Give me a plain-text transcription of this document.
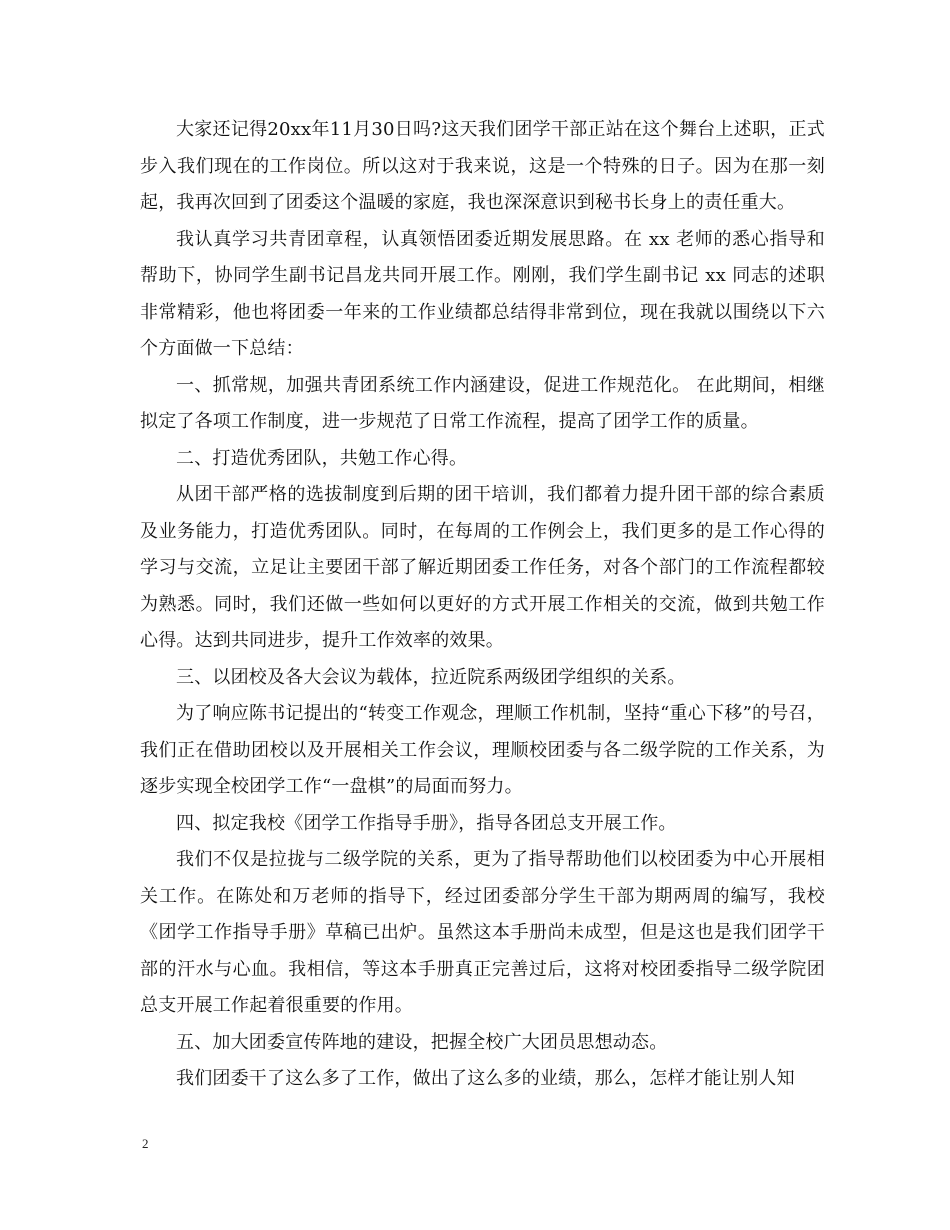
大家还记得20xx年11月30日吗?这天我们团学干部正站在这个舞台上述职，正式步入我们现在的工作岗位。所以这对于我来说，这是一个特殊的日子。因为在那一刻起，我再次回到了团委这个温暖的家庭，我也深深意识到秘书长身上的责任重大。

我认真学习共青团章程，认真领悟团委近期发展思路。在 xx 老师的悉心指导和帮助下，协同学生副书记昌龙共同开展工作。刚刚，我们学生副书记 xx 同志的述职非常精彩，他也将团委一年来的工作业绩都总结得非常到位，现在我就以围绕以下六个方面做一下总结：

一、抓常规，加强共青团系统工作内涵建设，促进工作规范化。 在此期间，相继拟定了各项工作制度，进一步规范了日常工作流程，提高了团学工作的质量。

二、打造优秀团队，共勉工作心得。

从团干部严格的选拔制度到后期的团干培训，我们都着力提升团干部的综合素质及业务能力，打造优秀团队。同时，在每周的工作例会上，我们更多的是工作心得的学习与交流，立足让主要团干部了解近期团委工作任务，对各个部门的工作流程都较为熟悉。同时，我们还做一些如何以更好的方式开展工作相关的交流，做到共勉工作心得。达到共同进步，提升工作效率的效果。

三、以团校及各大会议为载体，拉近院系两级团学组织的关系。

为了响应陈书记提出的“转变工作观念，理顺工作机制，坚持“重心下移”的号召，我们正在借助团校以及开展相关工作会议，理顺校团委与各二级学院的工作关系，为逐步实现全校团学工作“一盘棋”的局面而努力。

四、拟定我校《团学工作指导手册》，指导各团总支开展工作。

我们不仅是拉拢与二级学院的关系，更为了指导帮助他们以校团委为中心开展相关工作。在陈处和万老师的指导下，经过团委部分学生干部为期两周的编写，我校《团学工作指导手册》草稿已出炉。虽然这本手册尚未成型，但是这也是我们团学干部的汗水与心血。我相信，等这本手册真正完善过后，这将对校团委指导二级学院团总支开展工作起着很重要的作用。

五、加大团委宣传阵地的建设，把握全校广大团员思想动态。

我们团委干了这么多了工作，做出了这么多的业绩，那么，怎样才能让别人知

2
